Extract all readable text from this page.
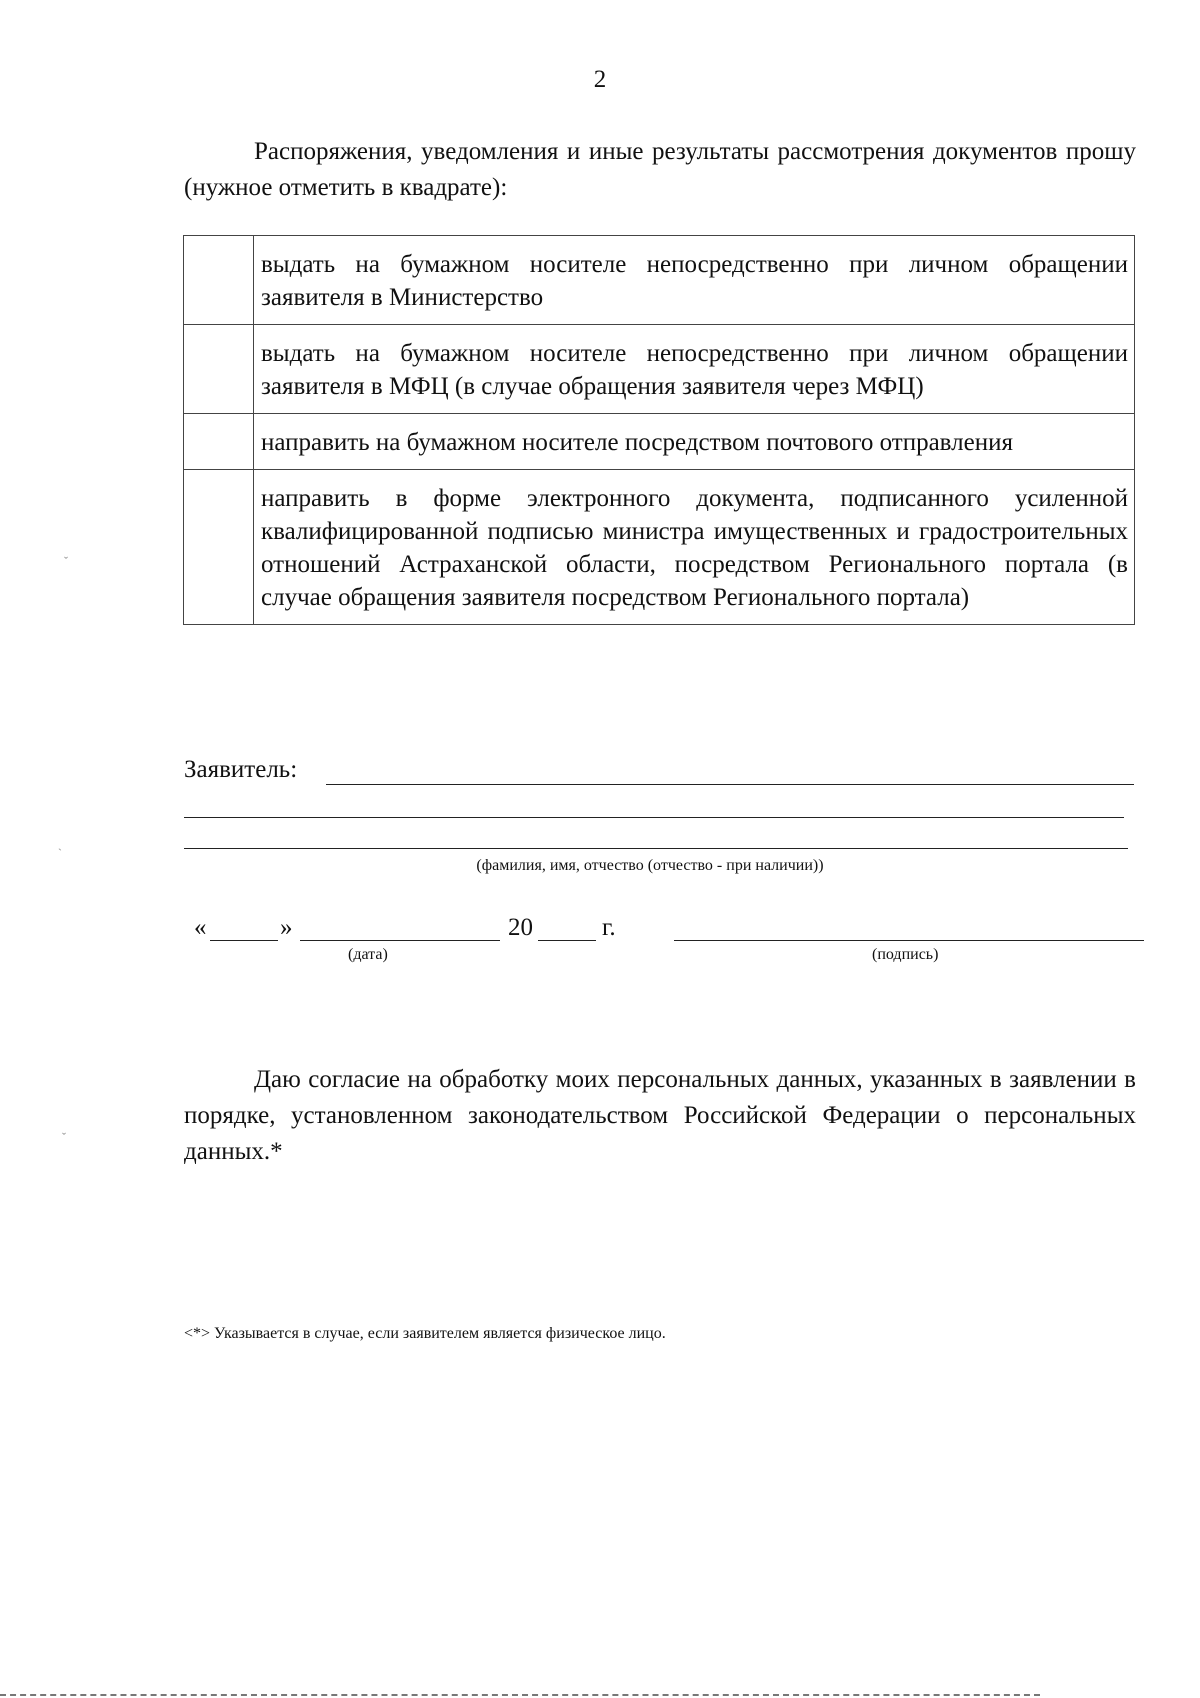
2
Распоряжения, уведомления и иные результаты рассмотрения документов прошу (нужное отметить в квадрате):
	выдать на бумажном носителе непосредственно при личном обращении заявителя в Министерство
	выдать на бумажном носителе непосредственно при личном обращении заявителя в МФЦ (в случае обращения заявителя через МФЦ)
	направить на бумажном носителе посредством почтового отправления
	направить в форме электронного документа, подписанного усиленной квалифицированной подписью министра имущественных и градостроительных отношений Астраханской области, посредством Регионального портала (в случае обращения заявителя посредством Регионального портала)
Заявитель:
(фамилия, имя, отчество (отчество - при наличии))
«	»	20	г.
(дата)	(подпись)
Даю согласие на обработку моих персональных данных, указанных в заявлении в порядке, установленном законодательством Российской Федерации о персональных данных.*
<*> Указывается в случае, если заявителем является физическое лицо.
ˇ
`
ˇ
